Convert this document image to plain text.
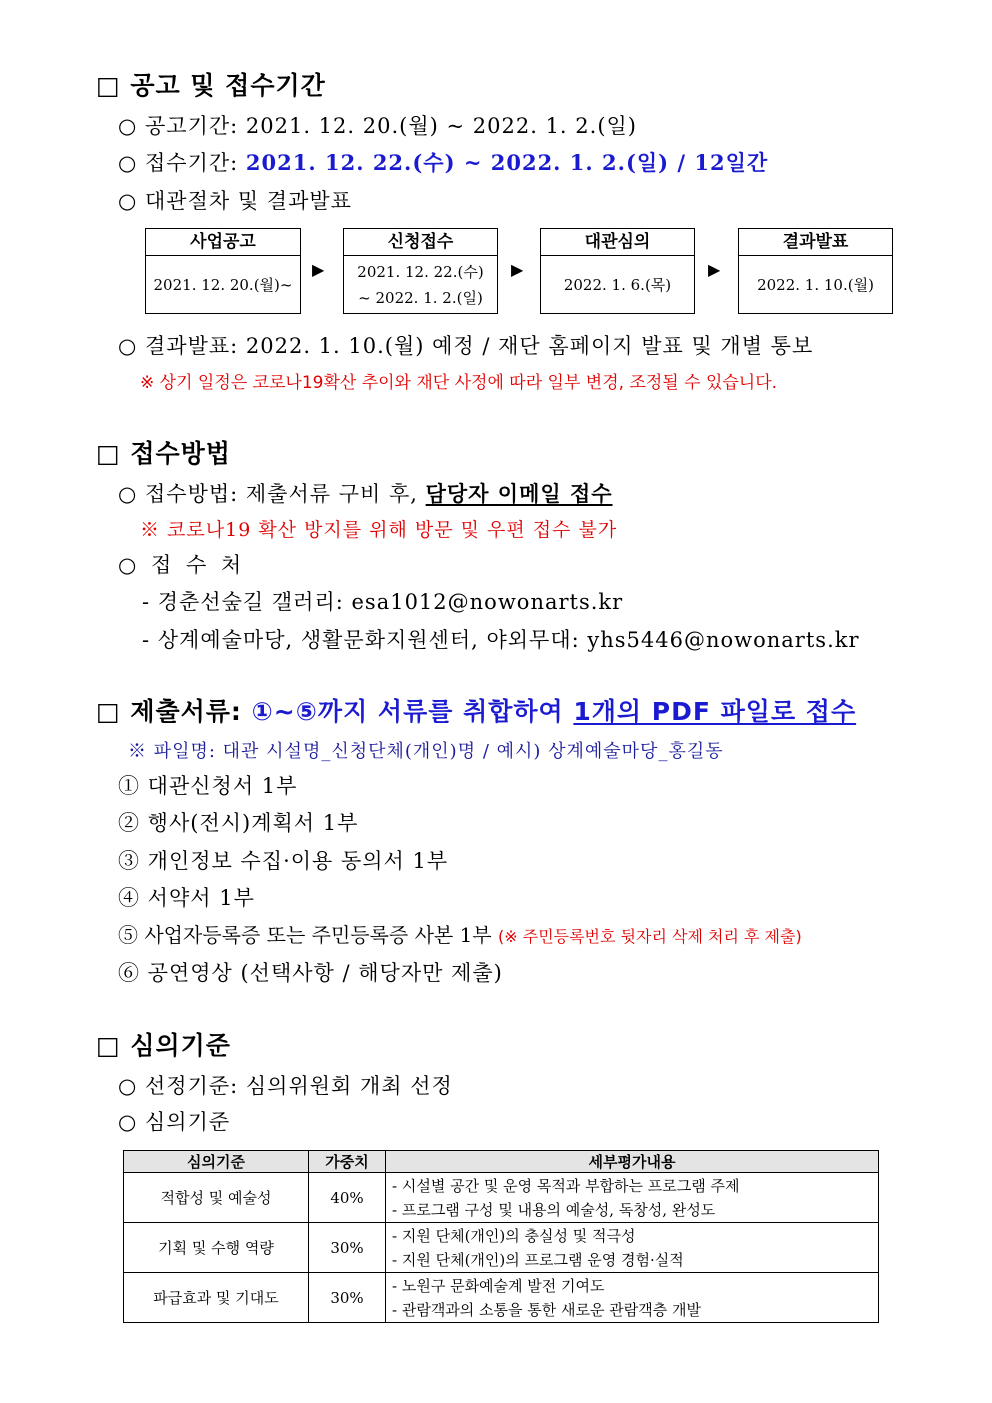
□ 공고 및 접수기간
○ 공고기간: 2021. 12. 20.(월) ~ 2022. 1. 2.(일)
○ 접수기간: 2021. 12. 22.(수) ~ 2022. 1. 2.(일) / 12일간
○ 대관절차 및 결과발표
사업공고
2021. 12. 20.(월)~
▶
신청접수
2021. 12. 22.(수)
~ 2022. 1. 2.(일)
▶
대관심의
2022. 1. 6.(목)
▶
결과발표
2022. 1. 10.(월)
○ 결과발표: 2022. 1. 10.(월) 예정 / 재단 홈페이지 발표 및 개별 통보
※ 상기 일정은 코로나19확산 추이와 재단 사정에 따라 일부 변경, 조정될 수 있습니다.
□ 접수방법
○ 접수방법: 제출서류 구비 후, 담당자 이메일 접수
※ 코로나19 확산 방지를 위해 방문 및 우편 접수 불가
○ 접 수 처
- 경춘선숲길 갤러리: esa1012@nowonarts.kr
- 상계예술마당, 생활문화지원센터, 야외무대: yhs5446@nowonarts.kr
□ 제출서류: ①~⑤까지 서류를 취합하여 1개의 PDF 파일로 접수
※ 파일명: 대관 시설명_신청단체(개인)명 / 예시) 상계예술마당_홍길동
① 대관신청서 1부
② 행사(전시)계획서 1부
③ 개인정보 수집·이용 동의서 1부
④ 서약서 1부
⑤ 사업자등록증 또는 주민등록증 사본 1부 (※ 주민등록번호 뒷자리 삭제 처리 후 제출)
⑥ 공연영상 (선택사항 / 해당자만 제출)
□ 심의기준
○ 선정기준: 심의위원회 개최 선정
○ 심의기준
심의기준	가중치	세부평가내용
적합성 및 예술성	40%	- 시설별 공간 및 운영 목적과 부합하는 프로그램 주제
- 프로그램 구성 및 내용의 예술성, 독창성, 완성도

기획 및 수행 역량	30%	- 지원 단체(개인)의 충실성 및 적극성
- 지원 단체(개인)의 프로그램 운영 경험·실적

파급효과 및 기대도	30%	- 노원구 문화예술계 발전 기여도
- 관람객과의 소통을 통한 새로운 관람객층 개발
